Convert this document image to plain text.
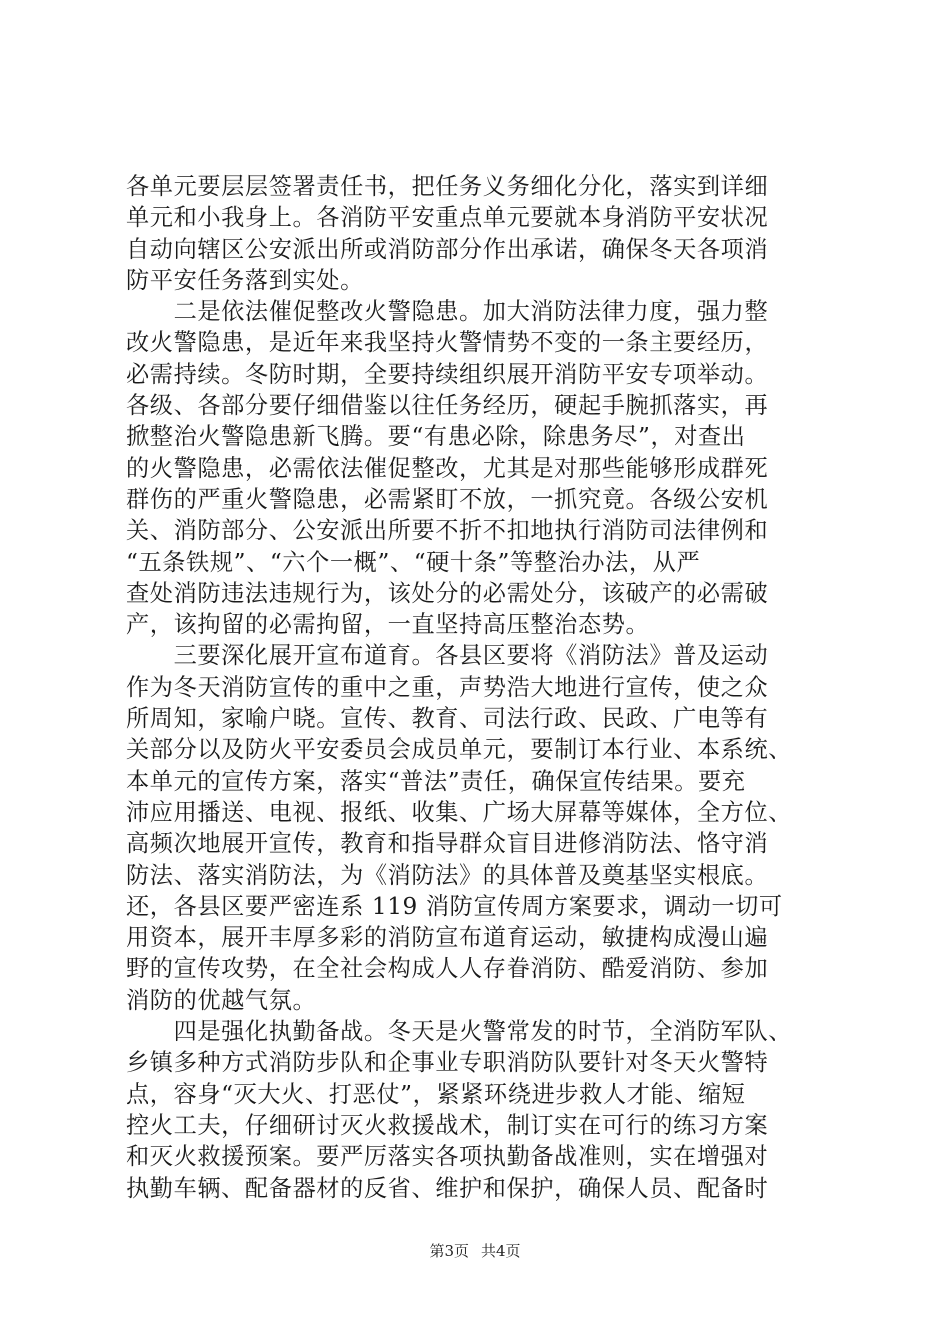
各单元要层层签署责任书，把任务义务细化分化，落实到详细
单元和小我身上。各消防平安重点单元要就本身消防平安状况
自动向辖区公安派出所或消防部分作出承诺，确保冬天各项消
防平安任务落到实处。
　　二是依法催促整改火警隐患。加大消防法律力度，强力整
改火警隐患，是近年来我坚持火警情势不变的一条主要经历，
必需持续。冬防时期，全要持续组织展开消防平安专项举动。
各级、各部分要仔细借鉴以往任务经历，硬起手腕抓落实，再
掀整治火警隐患新飞腾。要“有患必除，除患务尽”，对查出
的火警隐患，必需依法催促整改，尤其是对那些能够形成群死
群伤的严重火警隐患，必需紧盯不放，一抓究竟。各级公安机
关、消防部分、公安派出所要不折不扣地执行消防司法律例和
“五条铁规”、“六个一概”、“硬十条”等整治办法，从严
查处消防违法违规行为，该处分的必需处分，该破产的必需破
产，该拘留的必需拘留，一直坚持高压整治态势。
　　三要深化展开宣布道育。各县区要将《消防法》普及运动
作为冬天消防宣传的重中之重，声势浩大地进行宣传，使之众
所周知，家喻户晓。宣传、教育、司法行政、民政、广电等有
关部分以及防火平安委员会成员单元，要制订本行业、本系统、
本单元的宣传方案，落实“普法”责任，确保宣传结果。要充
沛应用播送、电视、报纸、收集、广场大屏幕等媒体，全方位、
高频次地展开宣传，教育和指导群众盲目进修消防法、恪守消
防法、落实消防法，为《消防法》的具体普及奠基坚实根底。
还，各县区要严密连系 119 消防宣传周方案要求，调动一切可
用资本，展开丰厚多彩的消防宣布道育运动，敏捷构成漫山遍
野的宣传攻势，在全社会构成人人存眷消防、酷爱消防、参加
消防的优越气氛。
　　四是强化执勤备战。冬天是火警常发的时节，全消防军队、
乡镇多种方式消防步队和企事业专职消防队要针对冬天火警特
点，容身“灭大火、打恶仗”，紧紧环绕进步救人才能、缩短
控火工夫，仔细研讨灭火救援战术，制订实在可行的练习方案
和灭火救援预案。要严厉落实各项执勤备战准则，实在增强对
执勤车辆、配备器材的反省、维护和保护，确保人员、配备时
第3页 共4页
